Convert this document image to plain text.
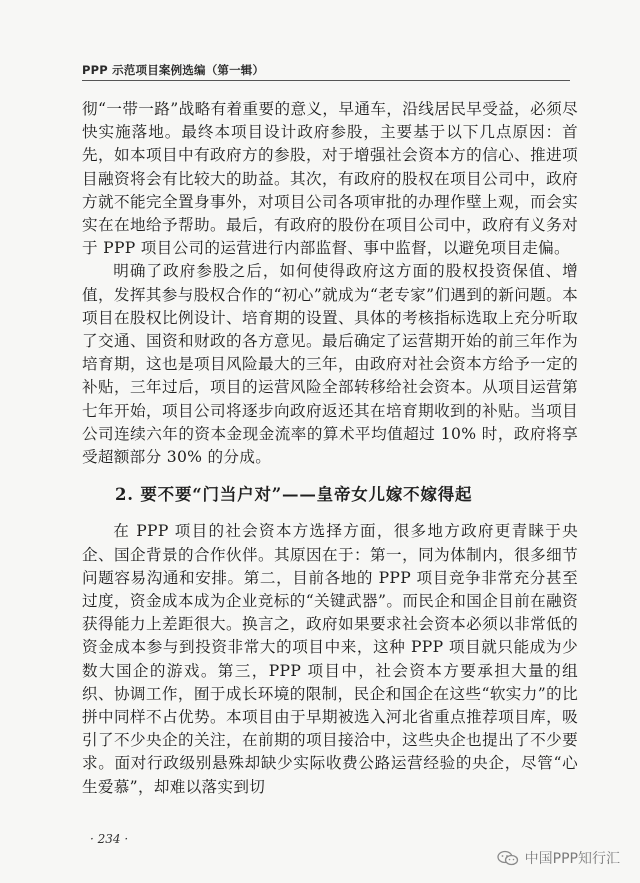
PPP 示范项目案例选编（第一辑）

彻“一带一路”战略有着重要的意义，早通车，沿线居民早受益，必须尽快实施落地。最终本项目设计政府参股，主要基于以下几点原因：首先，如本项目中有政府方的参股，对于增强社会资本方的信心、推进项目融资将会有比较大的助益。其次，有政府的股权在项目公司中，政府方就不能完全置身事外，对项目公司各项审批的办理作壁上观，而会实实在在地给予帮助。最后，有政府的股份在项目公司中，政府有义务对于 PPP 项目公司的运营进行内部监督、事中监督，以避免项目走偏。

明确了政府参股之后，如何使得政府这方面的股权投资保值、增值，发挥其参与股权合作的“初心”就成为“老专家”们遇到的新问题。本项目在股权比例设计、培育期的设置、具体的考核指标选取上充分听取了交通、国资和财政的各方意见。最后确定了运营期开始的前三年作为培育期，这也是项目风险最大的三年，由政府对社会资本方给予一定的补贴，三年过后，项目的运营风险全部转移给社会资本。从项目运营第七年开始，项目公司将逐步向政府返还其在培育期收到的补贴。当项目公司连续六年的资本金现金流率的算术平均值超过 10% 时，政府将享受超额部分 30% 的分成。

2. 要不要“门当户对”——皇帝女儿嫁不嫁得起

在 PPP 项目的社会资本方选择方面，很多地方政府更青睐于央企、国企背景的合作伙伴。其原因在于：第一，同为体制内，很多细节问题容易沟通和安排。第二，目前各地的 PPP 项目竞争非常充分甚至过度，资金成本成为企业竞标的“关键武器”。而民企和国企目前在融资获得能力上差距很大。换言之，政府如果要求社会资本必须以非常低的资金成本参与到投资非常大的项目中来，这种 PPP 项目就只能成为少数大国企的游戏。第三，PPP 项目中，社会资本方要承担大量的组织、协调工作，囿于成长环境的限制，民企和国企在这些“软实力”的比拼中同样不占优势。本项目由于早期被选入河北省重点推荐项目库，吸引了不少央企的关注，在前期的项目接洽中，这些央企也提出了不少要求。面对行政级别悬殊却缺少实际收费公路运营经验的央企，尽管“心生爱慕”，却难以落实到切

· 234 ·
中国PPP知行汇
